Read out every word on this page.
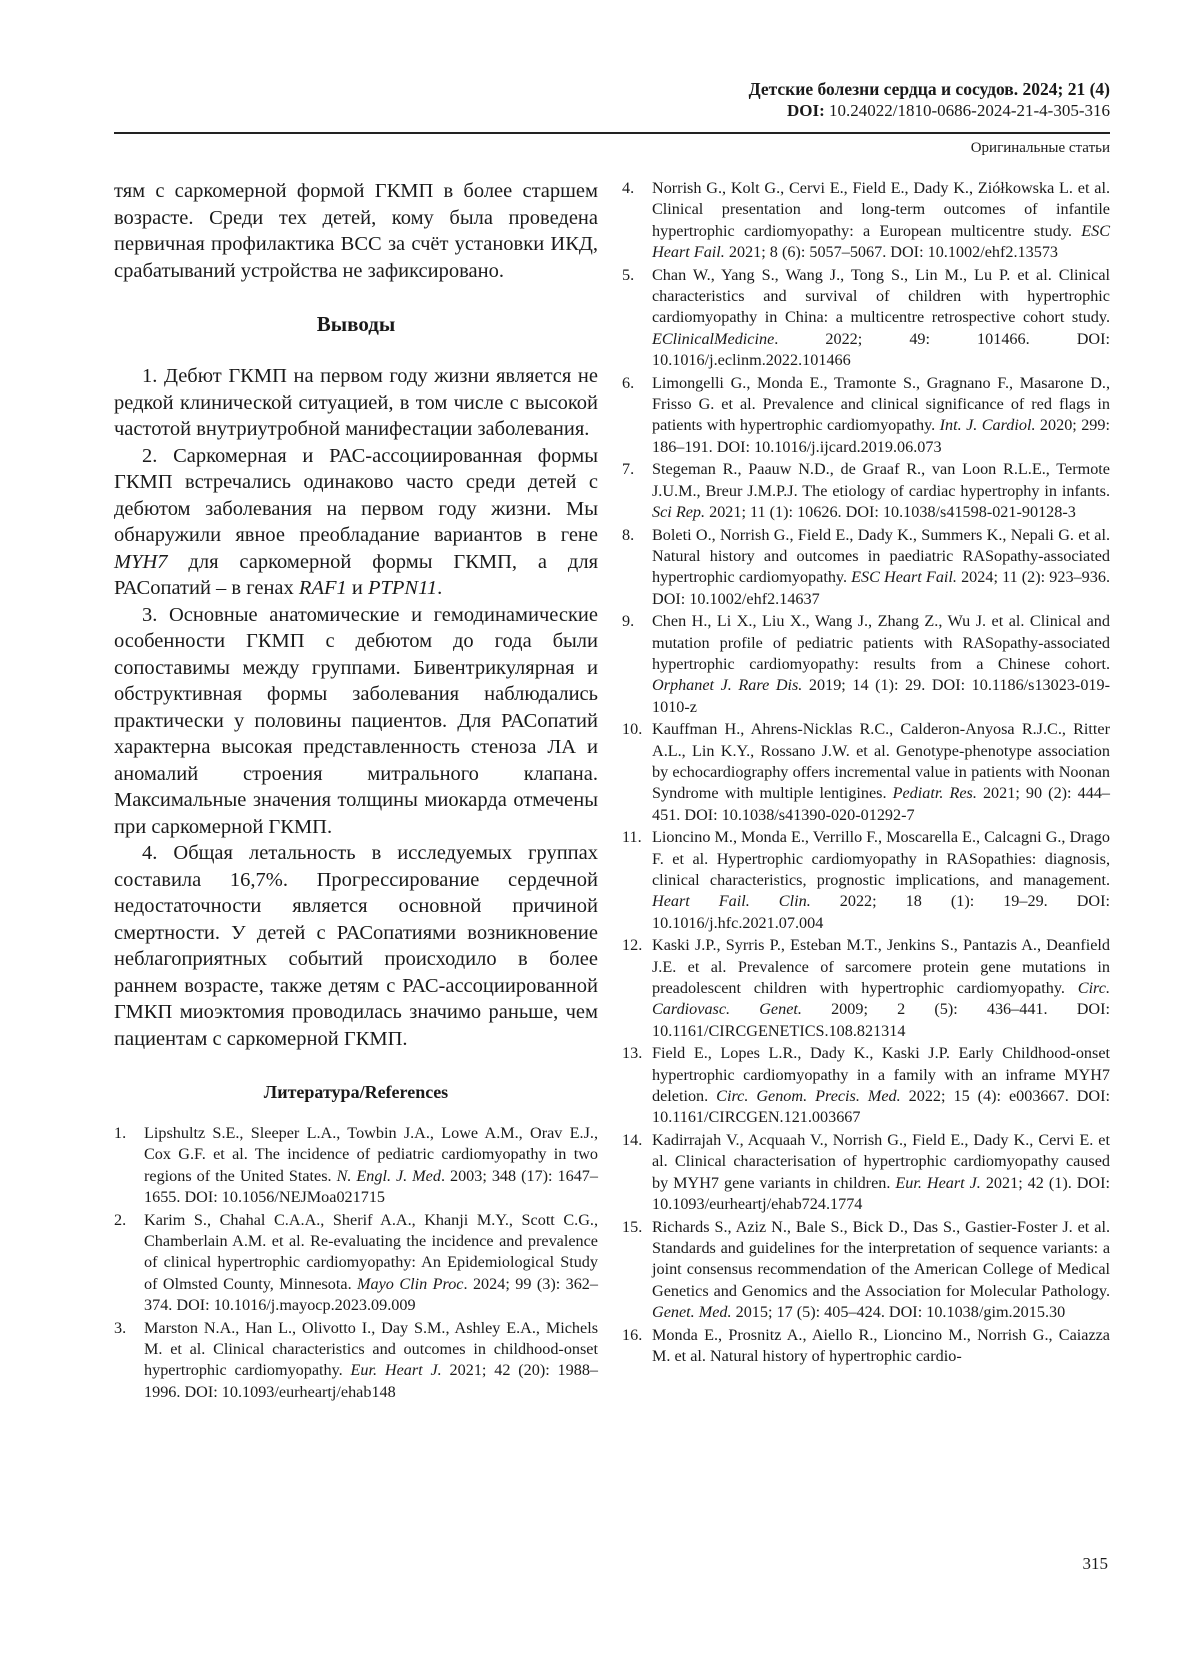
Детские болезни сердца и сосудов. 2024; 21 (4)
DOI: 10.24022/1810-0686-2024-21-4-305-316
Оригинальные статьи

тям с саркомерной формой ГКМП в более старшем возрасте. Среди тех детей, кому была проведена первичная профилактика ВСС за счёт установки ИКД, срабатываний устройства не зафиксировано.

Выводы

1. Дебют ГКМП на первом году жизни является не редкой клинической ситуацией, в том числе с высокой частотой внутриутробной манифестации заболевания.

2. Саркомерная и РАС-ассоциированная формы ГКМП встречались одинаково часто среди детей с дебютом заболевания на первом году жизни. Мы обнаружили явное преобладание вариантов в гене MYH7 для саркомерной формы ГКМП, а для РАСопатий – в генах RAF1 и PTPN11.

3. Основные анатомические и гемодинамические особенности ГКМП с дебютом до года были сопоставимы между группами. Бивентрикулярная и обструктивная формы заболевания наблюдались практически у половины пациентов. Для РАСопатий характерна высокая представленность стеноза ЛА и аномалий строения митрального клапана. Максимальные значения толщины миокарда отмечены при саркомерной ГКМП.

4. Общая летальность в исследуемых группах составила 16,7%. Прогрессирование сердечной недостаточности является основной причиной смертности. У детей с РАСопатиями возникновение неблагоприятных событий происходило в более раннем возрасте, также детям с РАС-ассоциированной ГМКП миоэктомия проводилась значимо раньше, чем пациентам с саркомерной ГКМП.

Литература/References
1.	Lipshultz S.E., Sleeper L.A., Towbin J.A., Lowe A.M., Orav E.J., Cox G.F. et al. The incidence of pediatric cardiomyopathy in two regions of the United States. N. Engl. J. Med. 2003; 348 (17): 1647–1655. DOI: 10.1056/NEJMoa021715
2.	Karim S., Chahal C.A.A., Sherif A.A., Khanji M.Y., Scott C.G., Chamberlain A.M. et al. Re-evaluating the incidence and prevalence of clinical hypertrophic cardiomyopathy: An Epidemiological Study of Olmsted County, Minnesota. Mayo Clin Proc. 2024; 99 (3): 362–374. DOI: 10.1016/j.mayocp.2023.09.009
3.	Marston N.A., Han L., Olivotto I., Day S.M., Ashley E.A., Michels M. et al. Clinical characteristics and outcomes in childhood-onset hypertrophic cardiomyopathy. Eur. Heart J. 2021; 42 (20): 1988–1996. DOI: 10.1093/eurheartj/ehab148
4.	Norrish G., Kolt G., Cervi E., Field E., Dady K., Ziółkowska L. et al. Clinical presentation and long-term outcomes of infantile hypertrophic cardiomyopathy: a European multicentre study. ESC Heart Fail. 2021; 8 (6): 5057–5067. DOI: 10.1002/ehf2.13573
5.	Chan W., Yang S., Wang J., Tong S., Lin M., Lu P. et al. Clinical characteristics and survival of children with hypertrophic cardiomyopathy in China: a multicentre retrospective cohort study. EClinicalMedicine. 2022; 49: 101466. DOI: 10.1016/j.eclinm.2022.101466
6.	Limongelli G., Monda E., Tramonte S., Gragnano F., Masarone D., Frisso G. et al. Prevalence and clinical significance of red flags in patients with hypertrophic cardiomyopathy. Int. J. Cardiol. 2020; 299: 186–191. DOI: 10.1016/j.ijcard.2019.06.073
7.	Stegeman R., Paauw N.D., de Graaf R., van Loon R.L.E., Termote J.U.M., Breur J.M.P.J. The etiology of cardiac hypertrophy in infants. Sci Rep. 2021; 11 (1): 10626. DOI: 10.1038/s41598-021-90128-3
8.	Boleti O., Norrish G., Field E., Dady K., Summers K., Nepali G. et al. Natural history and outcomes in paediatric RASopathy-associated hypertrophic cardiomyopathy. ESC Heart Fail. 2024; 11 (2): 923–936. DOI: 10.1002/ehf2.14637
9.	Chen H., Li X., Liu X., Wang J., Zhang Z., Wu J. et al. Clinical and mutation profile of pediatric patients with RASopathy-associated hypertrophic cardiomyopathy: results from a Chinese cohort. Orphanet J. Rare Dis. 2019; 14 (1): 29. DOI: 10.1186/s13023-019-1010-z
10. Kauffman H., Ahrens-Nicklas R.C., Calderon-Anyosa R.J.C., Ritter A.L., Lin K.Y., Rossano J.W. et al. Genotype-phenotype association by echocardiography offers incremental value in patients with Noonan Syndrome with multiple lentigines. Pediatr. Res. 2021; 90 (2): 444–451. DOI: 10.1038/s41390-020-01292-7
11. Lioncino M., Monda E., Verrillo F., Moscarella E., Calcagni G., Drago F. et al. Hypertrophic cardiomyopathy in RASopathies: diagnosis, clinical characteristics, prognostic implications, and management. Heart Fail. Clin. 2022; 18 (1): 19–29. DOI: 10.1016/j.hfc.2021.07.004
12. Kaski J.P., Syrris P., Esteban M.T., Jenkins S., Pantazis A., Deanfield J.E. et al. Prevalence of sarcomere protein gene mutations in preadolescent children with hypertrophic cardiomyopathy. Circ. Cardiovasc. Genet. 2009; 2 (5): 436–441. DOI: 10.1161/CIRCGENETICS.108.821314
13. Field E., Lopes L.R., Dady K., Kaski J.P. Early Childhood-onset hypertrophic cardiomyopathy in a family with an inframe MYH7 deletion. Circ. Genom. Precis. Med. 2022; 15 (4): e003667. DOI: 10.1161/CIRCGEN.121.003667
14. Kadirrajah V., Acquaah V., Norrish G., Field E., Dady K., Cervi E. et al. Clinical characterisation of hypertrophic cardiomyopathy caused by MYH7 gene variants in children. Eur. Heart J. 2021; 42 (1). DOI: 10.1093/eurheartj/ehab724.1774
15. Richards S., Aziz N., Bale S., Bick D., Das S., Gastier-Foster J. et al. Standards and guidelines for the interpretation of sequence variants: a joint consensus recommendation of the American College of Medical Genetics and Genomics and the Association for Molecular Pathology. Genet. Med. 2015; 17 (5): 405–424. DOI: 10.1038/gim.2015.30
16. Monda E., Prosnitz A., Aiello R., Lioncino M., Norrish G., Caiazza M. et al. Natural history of hypertrophic cardio-
315
